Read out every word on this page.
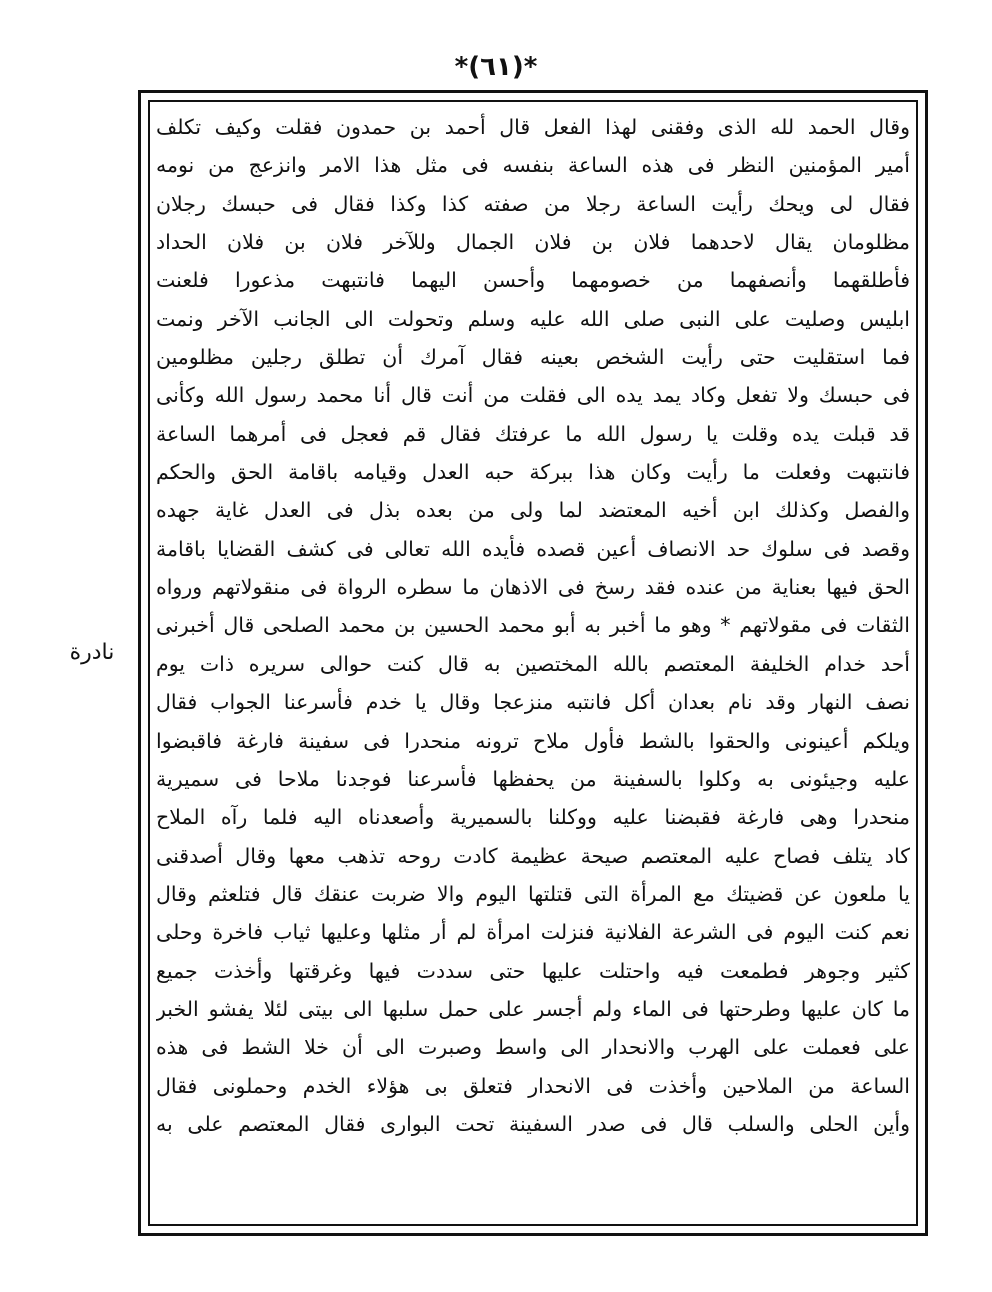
*(٦١)*
نادرة
وقال الحمد لله الذى وفقنى لهذا الفعل قال أحمد بن حمدون فقلت وكيف تكلف
أمير المؤمنين النظر فى هذه الساعة بنفسه فى مثل هذا الامر وانزعج من نومه
فقال لى ويحك رأيت الساعة رجلا من صفته كذا وكذا فقال فى حبسك رجلان
مظلومان يقال لاحدهما فلان بن فلان الجمال وللآخر فلان بن فلان الحداد
فأطلقهما وأنصفهما من خصومهما وأحسن اليهما فانتبهت مذعورا فلعنت
ابليس وصليت على النبى صلى الله عليه وسلم وتحولت الى الجانب الآخر ونمت
فما استقليت حتى رأيت الشخص بعينه فقال آمرك أن تطلق رجلين مظلومين
فى حبسك ولا تفعل وكاد يمد يده الى فقلت من أنت قال أنا محمد رسول الله وكأنى
قد قبلت يده وقلت يا رسول الله ما عرفتك فقال قم فعجل فى أمرهما الساعة
فانتبهت وفعلت ما رأيت وكان هذا ببركة حبه العدل وقيامه باقامة الحق والحكم
والفصل وكذلك ابن أخيه المعتضد لما ولى من بعده بذل فى العدل غاية جهده
وقصد فى سلوك حد الانصاف أعين قصده فأيده الله تعالى فى كشف القضايا باقامة
الحق فيها بعناية من عنده فقد رسخ فى الاذهان ما سطره الرواة فى منقولاتهم ورواه
الثقات فى مقولاتهم * وهو ما أخبر به أبو محمد الحسين بن محمد الصلحى قال أخبرنى
أحد خدام الخليفة المعتصم بالله المختصين به قال كنت حوالى سريره ذات يوم
نصف النهار وقد نام بعدان أكل فانتبه منزعجا وقال يا خدم فأسرعنا الجواب فقال
ويلكم أعينونى والحقوا بالشط فأول ملاح ترونه منحدرا فى سفينة فارغة فاقبضوا
عليه وجيئونى به وكلوا بالسفينة من يحفظها فأسرعنا فوجدنا ملاحا فى سميرية
منحدرا وهى فارغة فقبضنا عليه ووكلنا بالسميرية وأصعدناه اليه فلما رآه الملاح
كاد يتلف فصاح عليه المعتصم صيحة عظيمة كادت روحه تذهب معها وقال أصدقنى
يا ملعون عن قضيتك مع المرأة التى قتلتها اليوم والا ضربت عنقك قال فتلعثم وقال
نعم كنت اليوم فى الشرعة الفلانية فنزلت امرأة لم أر مثلها وعليها ثياب فاخرة وحلى
كثير وجوهر فطمعت فيه واحتلت عليها حتى سددت فيها وغرقتها وأخذت جميع
ما كان عليها وطرحتها فى الماء ولم أجسر على حمل سلبها الى بيتى لئلا يفشو الخبر
على فعملت على الهرب والانحدار الى واسط وصبرت الى أن خلا الشط فى هذه
الساعة من الملاحين وأخذت فى الانحدار فتعلق بى هؤلاء الخدم وحملونى فقال
وأين الحلى والسلب قال فى صدر السفينة تحت البوارى فقال المعتصم على به
